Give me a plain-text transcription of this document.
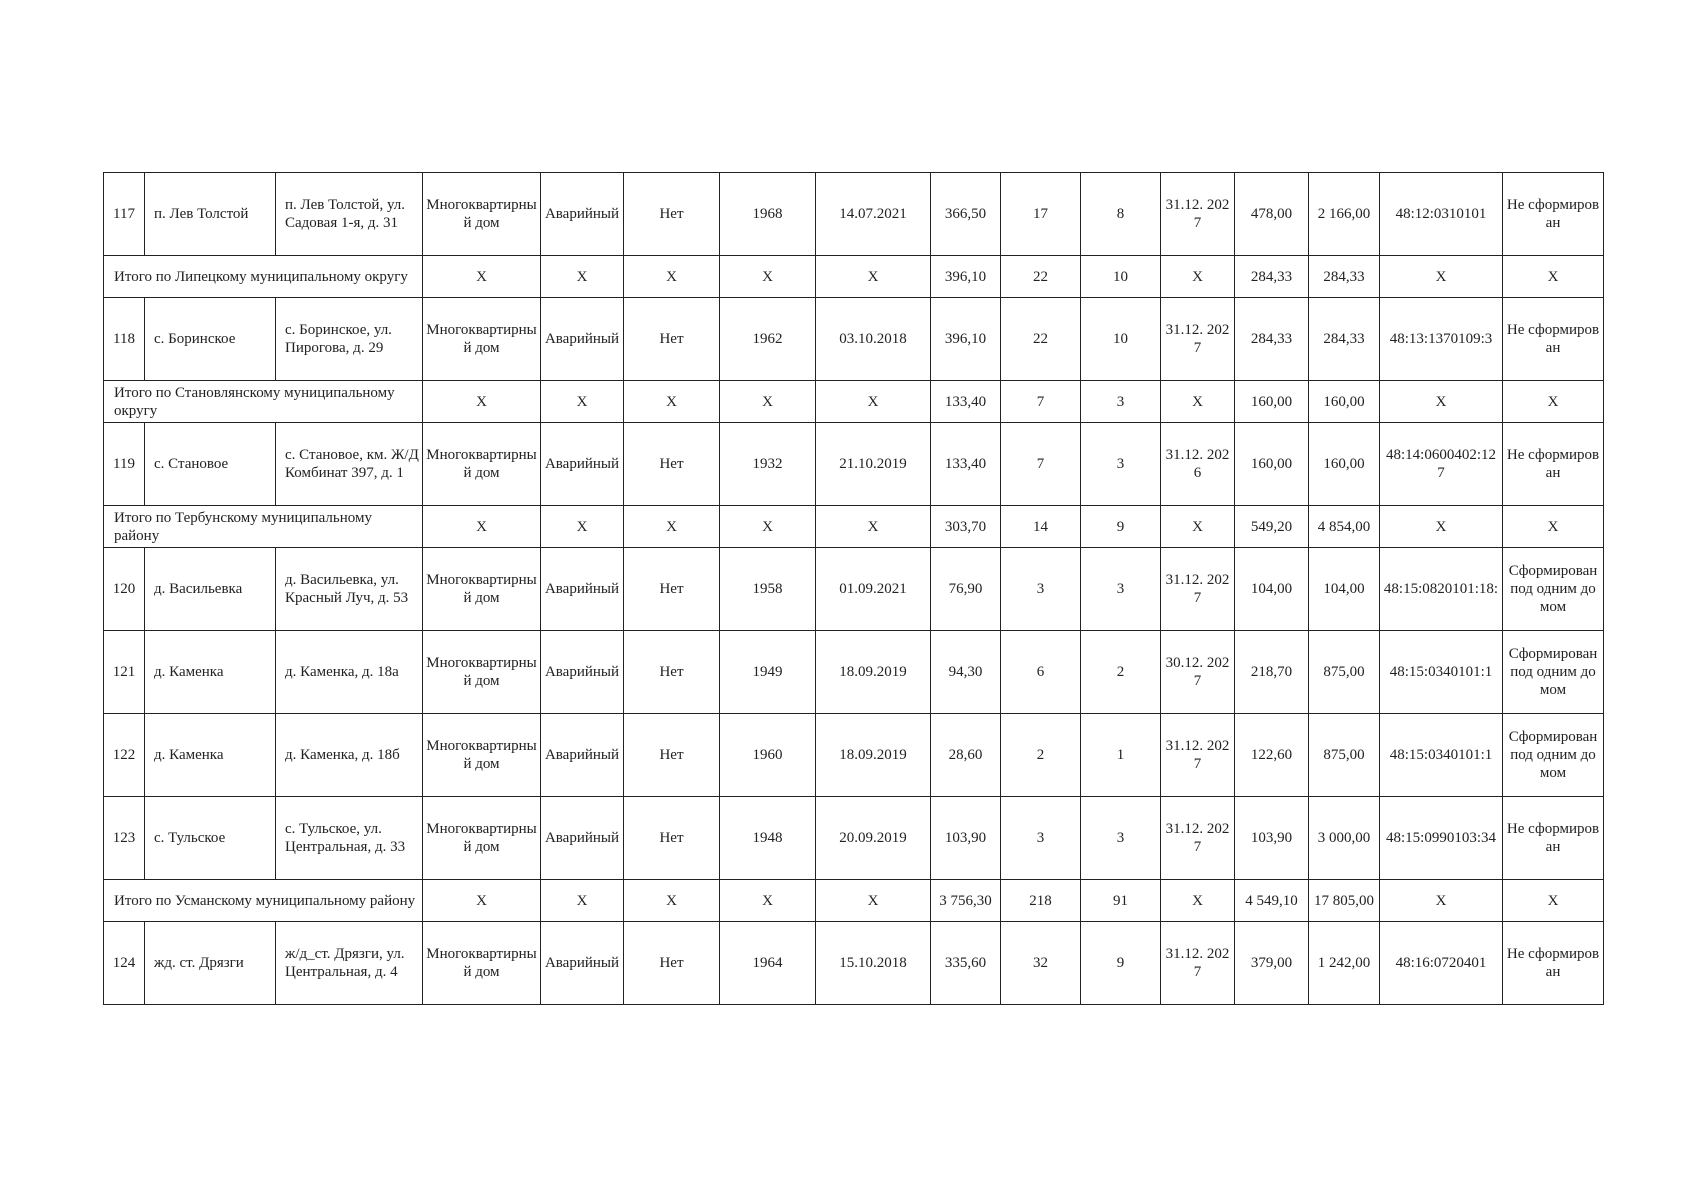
117	п. Лев Толстой	п. Лев Толстой, ул. Садовая 1-я, д. 31	Многоквартирный дом	Аварийный	Нет	1968	14.07.2021	366,50	17	8	31.12. 2027	478,00	2 166,00	48:12:0310101	Не сформирован
Итого по Липецкому муниципальному округу			X	X	X	X	X	396,10	22	10	X	284,33	284,33	X	X
118	с. Боринское	с. Боринское, ул. Пирогова, д. 29	Многоквартирный дом	Аварийный	Нет	1962	03.10.2018	396,10	22	10	31.12. 2027	284,33	284,33	48:13:1370109:3	Не сформирован
Итого по Становлянскому муниципальному округу			X	X	X	X	X	133,40	7	3	X	160,00	160,00	X	X
119	с. Становое	с. Становое, км. Ж/Д Комбинат 397, д. 1	Многоквартирный дом	Аварийный	Нет	1932	21.10.2019	133,40	7	3	31.12. 2026	160,00	160,00	48:14:0600402:127	Не сформирован
Итого по Тербунскому муниципальному району			X	X	X	X	X	303,70	14	9	X	549,20	4 854,00	X	X
120	д. Васильевка	д. Васильевка, ул. Красный Луч, д. 53	Многоквартирный дом	Аварийный	Нет	1958	01.09.2021	76,90	3	3	31.12. 2027	104,00	104,00	48:15:0820101:18:	Сформирован под одним домом
121	д. Каменка	д. Каменка, д. 18а	Многоквартирный дом	Аварийный	Нет	1949	18.09.2019	94,30	6	2	30.12. 2027	218,70	875,00	48:15:0340101:1	Сформирован под одним домом
122	д. Каменка	д. Каменка, д. 18б	Многоквартирный дом	Аварийный	Нет	1960	18.09.2019	28,60	2	1	31.12. 2027	122,60	875,00	48:15:0340101:1	Сформирован под одним домом
123	с. Тульское	с. Тульское, ул. Центральная, д. 33	Многоквартирный дом	Аварийный	Нет	1948	20.09.2019	103,90	3	3	31.12. 2027	103,90	3 000,00	48:15:0990103:34	Не сформирован
Итого по Усманскому муниципальному району			X	X	X	X	X	3 756,30	218	91	X	4 549,10	17 805,00	X	X
124	жд. ст. Дрязги	ж/д_ст. Дрязги, ул. Центральная, д. 4	Многоквартирный дом	Аварийный	Нет	1964	15.10.2018	335,60	32	9	31.12. 2027	379,00	1 242,00	48:16:0720401	Не сформирован
